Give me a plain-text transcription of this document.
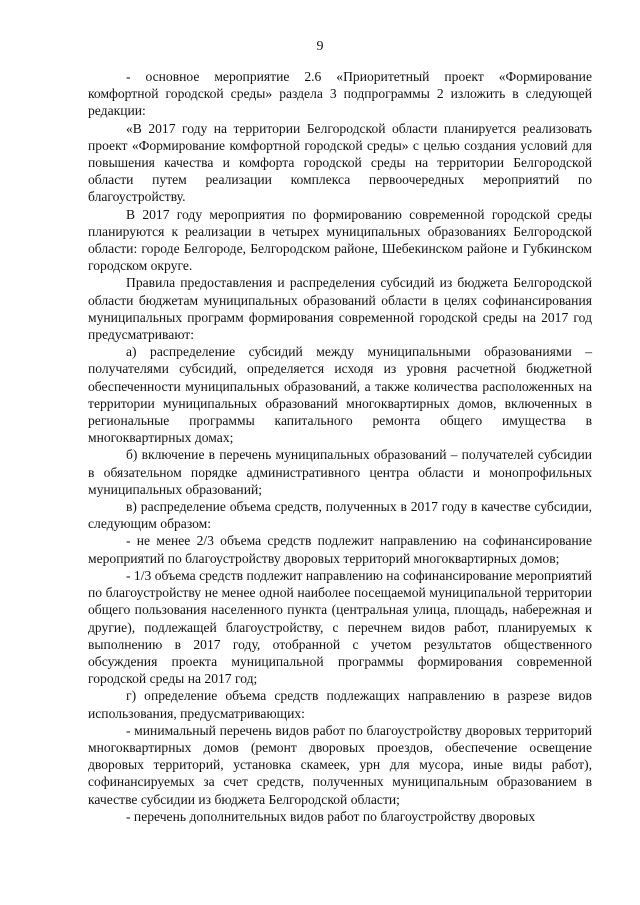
9

- основное мероприятие 2.6 «Приоритетный проект «Формирование комфортной городской среды» раздела 3 подпрограммы 2 изложить в следующей редакции:

«В 2017 году на территории Белгородской области планируется реализовать проект «Формирование комфортной городской среды» с целью создания условий для повышения качества и комфорта городской среды на территории Белгородской области путем реализации комплекса первоочередных мероприятий по благоустройству.

В 2017 году мероприятия по формированию современной городской среды планируются к реализации в четырех муниципальных образованиях Белгородской области: городе Белгороде, Белгородском районе, Шебекинском районе и Губкинском городском округе.

Правила предоставления и распределения субсидий из бюджета Белгородской области бюджетам муниципальных образований области в целях софинансирования муниципальных программ формирования современной городской среды на 2017 год предусматривают:

а) распределение субсидий между муниципальными образованиями – получателями субсидий, определяется исходя из уровня расчетной бюджетной обеспеченности муниципальных образований, а также количества расположенных на территории муниципальных образований многоквартирных домов, включенных в региональные программы капитального ремонта общего имущества в многоквартирных домах;

б) включение в перечень муниципальных образований – получателей субсидии в обязательном порядке административного центра области и монопрофильных муниципальных образований;

в) распределение объема средств, полученных в 2017 году в качестве субсидии, следующим образом:

- не менее 2/3 объема средств подлежит направлению на софинансирование мероприятий по благоустройству дворовых территорий многоквартирных домов;

- 1/3 объема средств подлежит направлению на софинансирование мероприятий по благоустройству не менее одной наиболее посещаемой муниципальной территории общего пользования населенного пункта (центральная улица, площадь, набережная и другие), подлежащей благоустройству, с перечнем видов работ, планируемых к выполнению в 2017 году, отобранной с учетом результатов общественного обсуждения проекта муниципальной программы формирования современной городской среды на 2017 год;

г) определение объема средств подлежащих направлению в разрезе видов использования, предусматривающих:

- минимальный перечень видов работ по благоустройству дворовых территорий многоквартирных домов (ремонт дворовых проездов, обеспечение освещение дворовых территорий, установка скамеек, урн для мусора, иные виды работ), софинансируемых за счет средств, полученных муниципальным образованием в качестве субсидии из бюджета Белгородской области;

- перечень дополнительных видов работ по благоустройству дворовых
